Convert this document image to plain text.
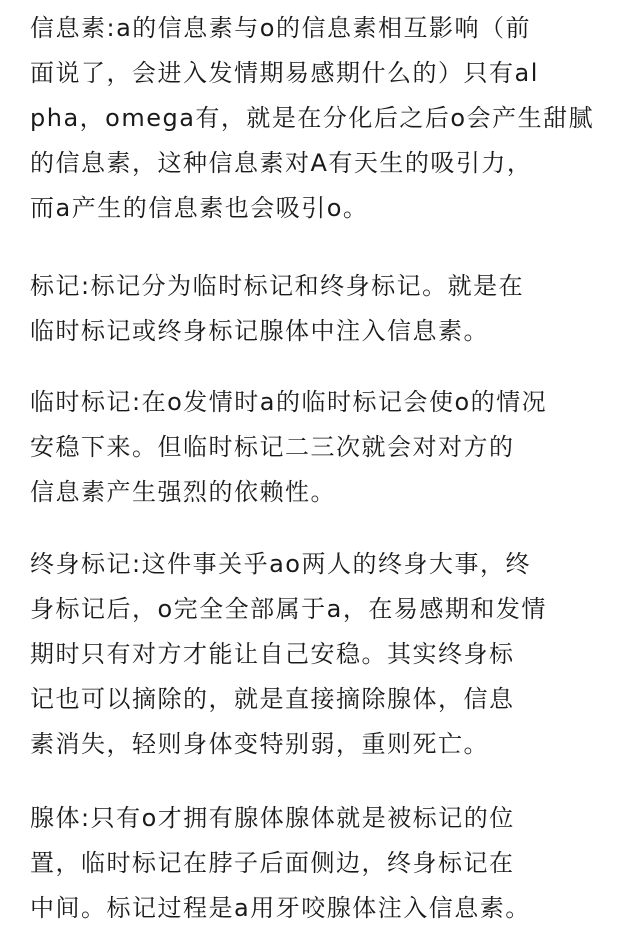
信息素:a的信息素与o的信息素相互影响（前
面说了，会进入发情期易感期什么的）只有al
pha，omega有，就是在分化后之后o会产生甜腻
的信息素，这种信息素对A有天生的吸引力，
而a产生的信息素也会吸引o。
标记:标记分为临时标记和终身标记。就是在
临时标记或终身标记腺体中注入信息素。
临时标记:在o发情时a的临时标记会使o的情况
安稳下来。但临时标记二三次就会对对方的
信息素产生强烈的依赖性。
终身标记:这件事关乎ao两人的终身大事，终
身标记后，o完全全部属于a，在易感期和发情
期时只有对方才能让自己安稳。其实终身标
记也可以摘除的，就是直接摘除腺体，信息
素消失，轻则身体变特别弱，重则死亡。
腺体:只有o才拥有腺体腺体就是被标记的位
置，临时标记在脖子后面侧边，终身标记在
中间。标记过程是a用牙咬腺体注入信息素。
